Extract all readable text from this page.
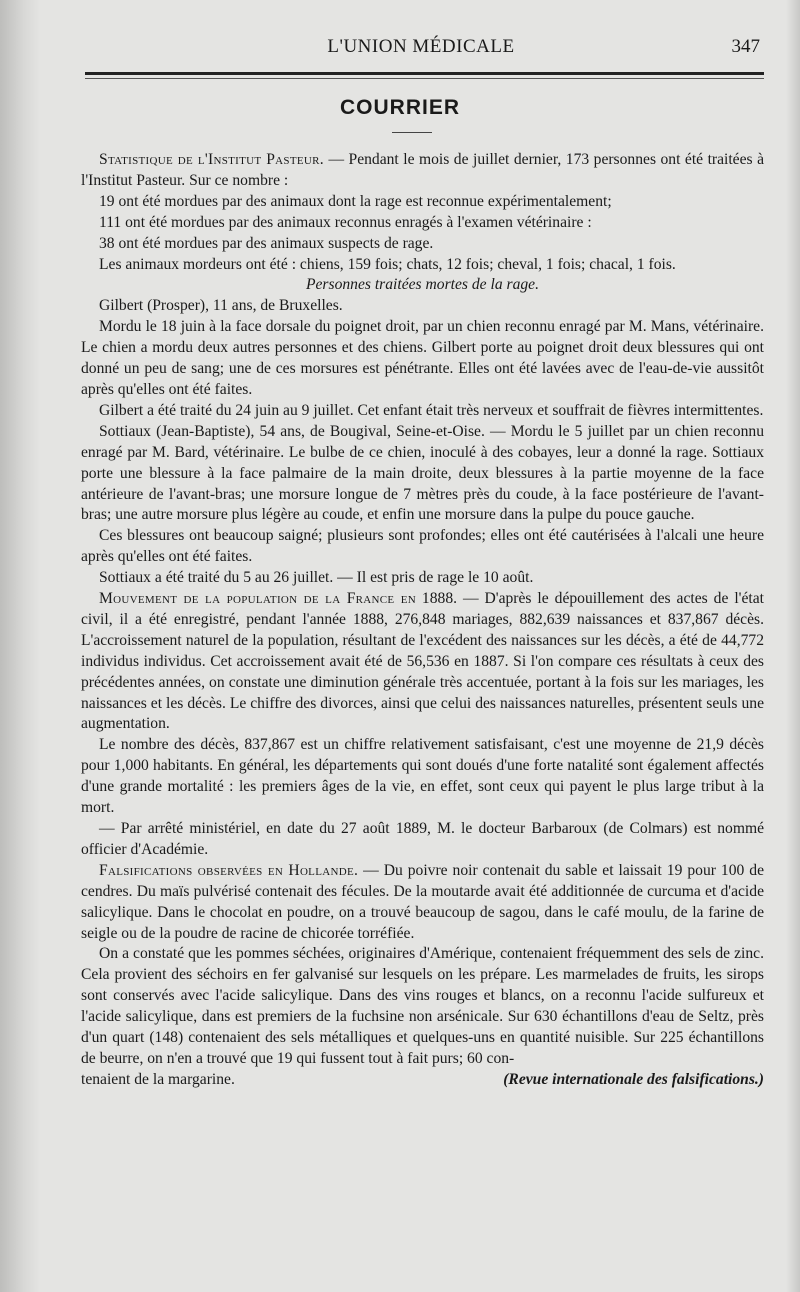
L'UNION MÉDICALE	347
COURRIER

Statistique de l'Institut Pasteur. — Pendant le mois de juillet dernier, 173 personnes ont été traitées à l'Institut Pasteur. Sur ce nombre :

19 ont été mordues par des animaux dont la rage est reconnue expérimentalement;

111 ont été mordues par des animaux reconnus enragés à l'examen vétérinaire :

38 ont été mordues par des animaux suspects de rage.

Les animaux mordeurs ont été : chiens, 159 fois; chats, 12 fois; cheval, 1 fois; chacal, 1 fois.

Personnes traitées mortes de la rage.

Gilbert (Prosper), 11 ans, de Bruxelles.

Mordu le 18 juin à la face dorsale du poignet droit, par un chien reconnu enragé par M. Mans, vétérinaire. Le chien a mordu deux autres personnes et des chiens. Gilbert porte au poignet droit deux blessures qui ont donné un peu de sang; une de ces morsures est pénétrante. Elles ont été lavées avec de l'eau-de-vie aussitôt après qu'elles ont été faites.

Gilbert a été traité du 24 juin au 9 juillet. Cet enfant était très nerveux et souffrait de fièvres intermittentes.

Sottiaux (Jean-Baptiste), 54 ans, de Bougival, Seine-et-Oise. — Mordu le 5 juillet par un chien reconnu enragé par M. Bard, vétérinaire. Le bulbe de ce chien, inoculé à des cobayes, leur a donné la rage. Sottiaux porte une blessure à la face palmaire de la main droite, deux blessures à la partie moyenne de la face antérieure de l'avant-bras; une morsure longue de 7 mètres près du coude, à la face postérieure de l'avant-bras; une autre morsure plus légère au coude, et enfin une morsure dans la pulpe du pouce gauche.

Ces blessures ont beaucoup saigné; plusieurs sont profondes; elles ont été cautérisées à l'alcali une heure après qu'elles ont été faites.

Sottiaux a été traité du 5 au 26 juillet. — Il est pris de rage le 10 août.

Mouvement de la population de la France en 1888. — D'après le dépouillement des actes de l'état civil, il a été enregistré, pendant l'année 1888, 276,848 mariages, 882,639 naissances et 837,867 décès. L'accroissement naturel de la population, résultant de l'excédent des naissances sur les décès, a été de 44,772 individus individus. Cet accroissement avait été de 56,536 en 1887. Si l'on compare ces résultats à ceux des précédentes années, on constate une diminution générale très accentuée, portant à la fois sur les mariages, les naissances et les décès. Le chiffre des divorces, ainsi que celui des naissances naturelles, présentent seuls une augmentation.

Le nombre des décès, 837,867 est un chiffre relativement satisfaisant, c'est une moyenne de 21,9 décès pour 1,000 habitants. En général, les départements qui sont doués d'une forte natalité sont également affectés d'une grande mortalité : les premiers âges de la vie, en effet, sont ceux qui payent le plus large tribut à la mort.

— Par arrêté ministériel, en date du 27 août 1889, M. le docteur Barbaroux (de Colmars) est nommé officier d'Académie.

Falsifications observées en Hollande. — Du poivre noir contenait du sable et laissait 19 pour 100 de cendres. Du maïs pulvérisé contenait des fécules. De la moutarde avait été additionnée de curcuma et d'acide salicylique. Dans le chocolat en poudre, on a trouvé beaucoup de sagou, dans le café moulu, de la farine de seigle ou de la poudre de racine de chicorée torréfiée.

On a constaté que les pommes séchées, originaires d'Amérique, contenaient fréquemment des sels de zinc. Cela provient des séchoirs en fer galvanisé sur lesquels on les prépare. Les marmelades de fruits, les sirops sont conservés avec l'acide salicylique. Dans des vins rouges et blancs, on a reconnu l'acide sulfureux et l'acide salicylique, dans est premiers de la fuchsine non arsénicale. Sur 630 échantillons d'eau de Seltz, près d'un quart (148) contenaient des sels métalliques et quelques-uns en quantité nuisible. Sur 225 échantillons de beurre, on n'en a trouvé que 19 qui fussent tout à fait purs; 60 con-

tenaient de la margarine.	(Revue internationale des falsifications.)
